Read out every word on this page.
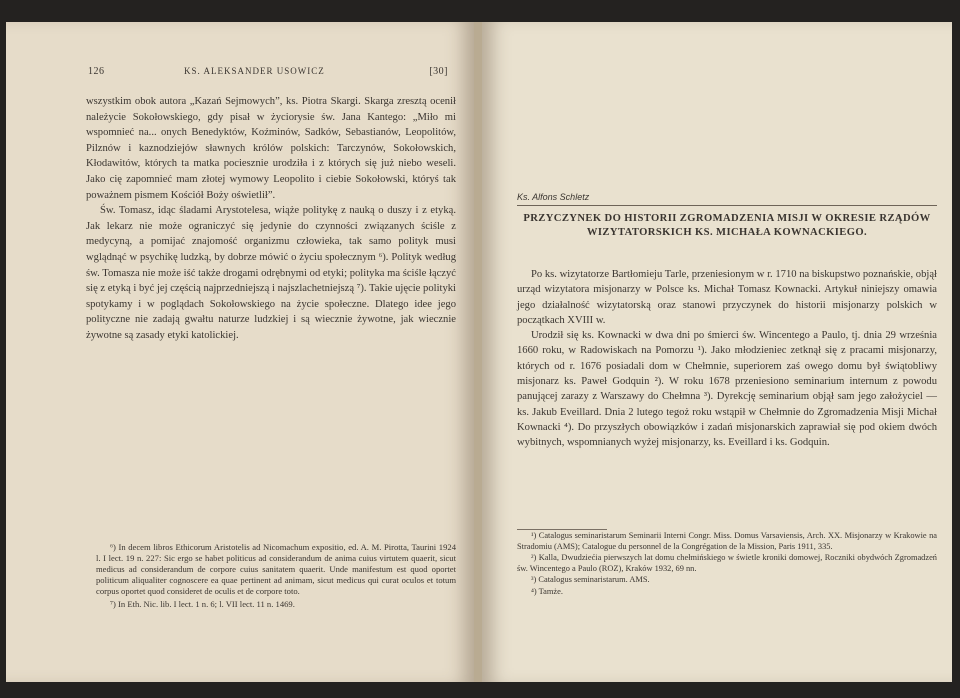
126	KS. ALEKSANDER USOWICZ	[30]

wszystkim obok autora „Kazań Sejmowych”, ks. Piotra Skargi. Skarga zresztą ocenił należycie Sokołowskiego, gdy pisał w życiorysie św. Jana Kantego: „Miło mi wspomnieć na... onych Benedyktów, Koźminów, Sadków, Sebastianów, Leopolitów, Pilznów i kaznodziejów sławnych królów polskich: Tarczynów, Sokołowskich, Kłodawitów, których ta matka pociesznie urodziła i z których się już niebo weseli. Jako cię zapomnieć mam złotej wymowy Leopolito i ciebie Sokołowski, któryś tak poważnem pismem Kościół Boży oświetlił”.

Św. Tomasz, idąc śladami Arystotelesa, wiąże politykę z nauką o duszy i z etyką. Jak lekarz nie może ograniczyć się jedynie do czynności związanych ściśle z medycyną, a pomijać znajomość organizmu człowieka, tak samo polityk musi wglądnąć w psychikę ludzką, by dobrze mówić o życiu społecznym ⁶). Polityk według św. Tomasza nie może iść także drogami odrębnymi od etyki; polityka ma ściśle łączyć się z etyką i być jej częścią najprzedniejszą i najszlachetniejszą ⁷). Takie ujęcie polityki spotykamy i w poglądach Sokołowskiego na życie społeczne. Dlatego idee jego polityczne nie zadają gwałtu naturze ludzkiej i są wiecznie żywotne, jak wiecznie żywotne są zasady etyki katolickiej.

⁶) In decem libros Ethicorum Aristotelis ad Nicomachum expositio, ed. A. M. Pirotta, Taurini 1924 l. I lect. 19 n. 227: Sic ergo se habet politicus ad considerandum de anima cuius virtutem quaerit, sicut medicus ad considerandum de corpore cuius sanitatem quaerit. Unde manifestum est quod oportet politicum aliqualiter cognoscere ea quae pertinent ad animam, sicut medicus qui curat oculos et totum corpus oportet quod consideret de oculis et de corpore toto.

⁷) In Eth. Nic. lib. I lect. 1 n. 6; l. VII lect. 11 n. 1469.

Ks. Alfons Schletz
PRZYCZYNEK DO HISTORII ZGROMADZENIA MISJI W OKRESIE RZĄDÓW WIZYTATORSKICH KS. MICHAŁA KOWNACKIEGO.

Po ks. wizytatorze Bartłomieju Tarle, przeniesionym w r. 1710 na biskupstwo poznańskie, objął urząd wizytatora misjonarzy w Polsce ks. Michał Tomasz Kownacki. Artykuł niniejszy omawia jego działalność wizytatorską oraz stanowi przyczynek do historii misjonarzy polskich w początkach XVIII w.

Urodził się ks. Kownacki w dwa dni po śmierci św. Wincentego a Paulo, tj. dnia 29 września 1660 roku, w Radowiskach na Pomorzu ¹). Jako młodzieniec zetknął się z pracami misjonarzy, których od r. 1676 posiadali dom w Chełmnie, superiorem zaś owego domu był świątobliwy misjonarz ks. Paweł Godquin ²). W roku 1678 przeniesiono seminarium internum z powodu panującej zarazy z Warszawy do Chełmna ³). Dyrekcję seminarium objął sam jego założyciel — ks. Jakub Eveillard. Dnia 2 lutego tegoż roku wstąpił w Chełmnie do Zgromadzenia Misji Michał Kownacki ⁴). Do przyszłych obowiązków i zadań misjonarskich zaprawiał się pod okiem dwóch wybitnych, wspomnianych wyżej misjonarzy, ks. Eveillard i ks. Godquin.

¹) Catalogus seminaristarum Seminarii Interni Congr. Miss. Domus Varsaviensis, Arch. XX. Misjonarzy w Krakowie na Stradomiu (AMS); Catalogue du personnel de la Congrégation de la Mission, Paris 1911, 335.

²) Kalla, Dwudziećia pierwszych lat domu chełmińskiego w świetle kroniki domowej, Roczniki obydwóch Zgromadzeń św. Wincentego a Paulo (ROZ), Kraków 1932, 69 nn.

³) Catalogus seminaristarum. AMS.

⁴) Tamże.
